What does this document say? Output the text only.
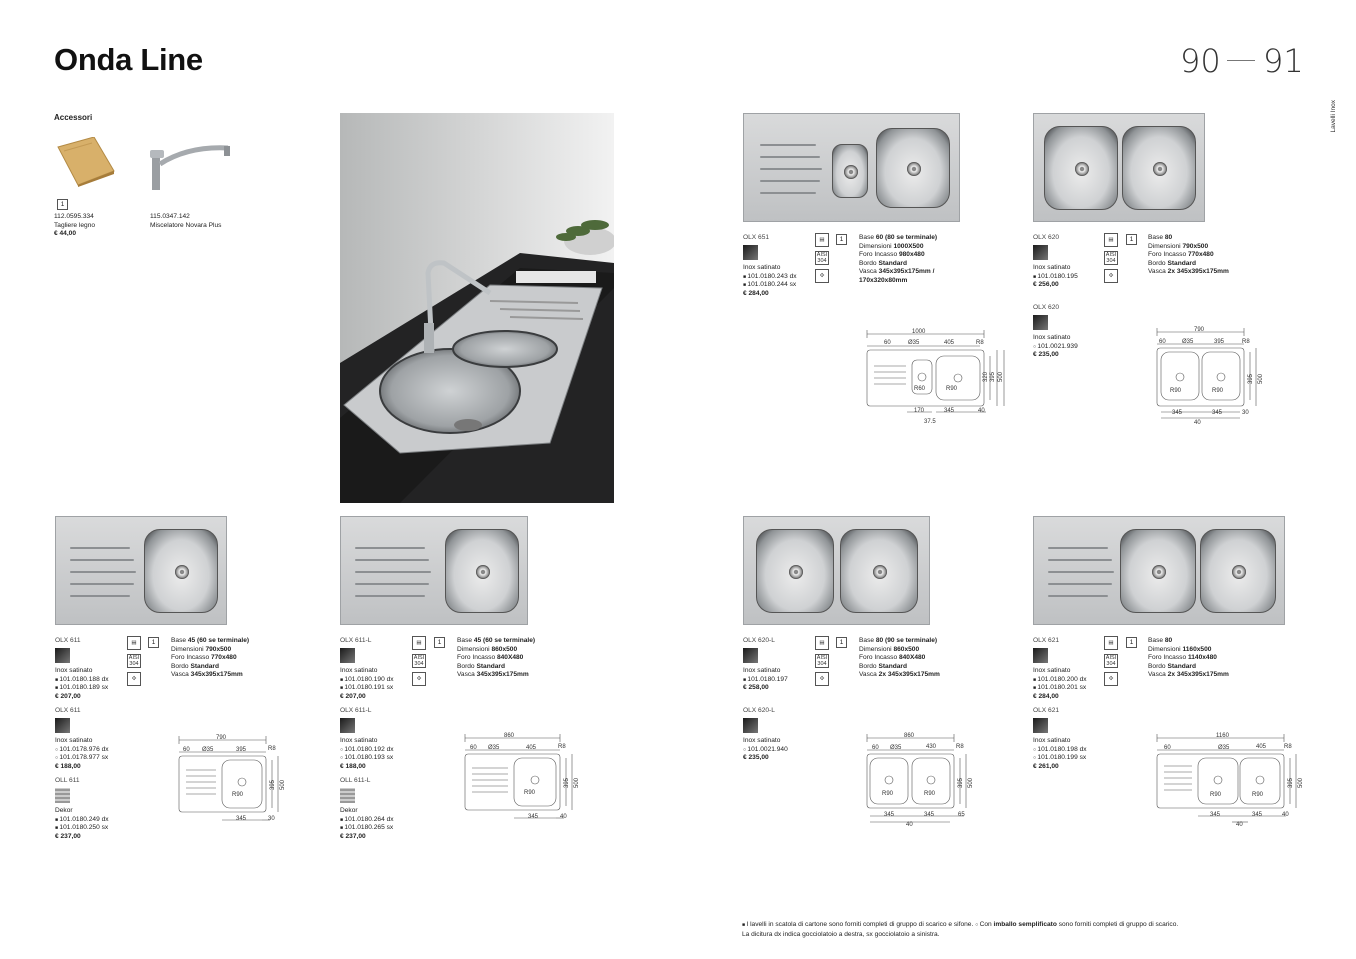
Onda Line	90 91
Lavelli Inox
Accessori
1
112.0595.334
Tagliere legno
€ 44,00
115.0347.142
Miscelatore Novara Plus
OLX 651
Inox satinato
■ 101.0180.243 dx
■ 101.0180.244 sx
€ 284,00
▤	1
AISI 304
✣
Base 60 (80 se terminale)
Dimensioni 1000X500
Foro Incasso 980x480
Bordo Standard
Vasca 345x395x175mm /
170x320x80mm
1000
60	Ø35	405	R8
R60	R90
320 395 500
170	345	40
37.5
OLX 620
Inox satinato
■ 101.0180.195
€ 256,00
OLX 620
Inox satinato
○ 101.0021.939
€ 235,00
▤	1
AISI 304
✣
Base 80
Dimensioni 790x500
Foro Incasso 770x480
Bordo Standard
Vasca 2x 345x395x175mm
790
60	Ø35	395	R8
R90	R90
395 500
345	345	30
40
OLX 611
Inox satinato
■ 101.0180.188 dx
■ 101.0180.189 sx
€ 207,00
OLX 611
Inox satinato
○ 101.0178.976 dx
○ 101.0178.977 sx
€ 188,00
OLL 611
Dekor
■ 101.0180.249 dx
■ 101.0180.250 sx
€ 237,00
▤	1
AISI 304
✣
Base 45 (60 se terminale)
Dimensioni 790x500
Foro Incasso 770x480
Bordo Standard
Vasca 345x395x175mm
790
60 Ø35	395	R8
R90
395 500
345	30
OLX 611-L
Inox satinato
■ 101.0180.190 dx
■ 101.0180.191 sx
€ 207,00
OLX 611-L
Inox satinato
○ 101.0180.192 dx
○ 101.0180.193 sx
€ 188,00
OLL 611-L
Dekor
■ 101.0180.264 dx
■ 101.0180.265 sx
€ 237,00
▤	1
AISI 304
✣
Base 45 (60 se terminale)
Dimensioni 860x500
Foro Incasso 840X480
Bordo Standard
Vasca 345x395x175mm
860
60 Ø35	405	R8
R90
395 500
345	40
OLX 620-L
Inox satinato
■ 101.0180.197
€ 258,00
OLX 620-L
Inox satinato
○ 101.0021.940
€ 235,00
▤	1
AISI 304
✣
Base 80 (90 se terminale)
Dimensioni 860x500
Foro Incasso 840X480
Bordo Standard
Vasca 2x 345x395x175mm
860
60 Ø35	430	R8
R90	R90
395 500
345	345	65
40
OLX 621
Inox satinato
■ 101.0180.200 dx
■ 101.0180.201 sx
€ 284,00
OLX 621
Inox satinato
○ 101.0180.198 dx
○ 101.0180.199 sx
€ 261,00
▤	1
AISI 304
✣
Base 80
Dimensioni 1160x500
Foro Incasso 1140x480
Bordo Standard
Vasca 2x 345x395x175mm
1160
60	Ø35	405	R8
R90	R90
395 500
345	345	40
40
■ I lavelli in scatola di cartone sono forniti completi di gruppo di scarico e sifone. ○ Con imballo semplificato sono forniti completi di gruppo di scarico.
La dicitura dx indica gocciolatoio a destra, sx gocciolatoio a sinistra.
